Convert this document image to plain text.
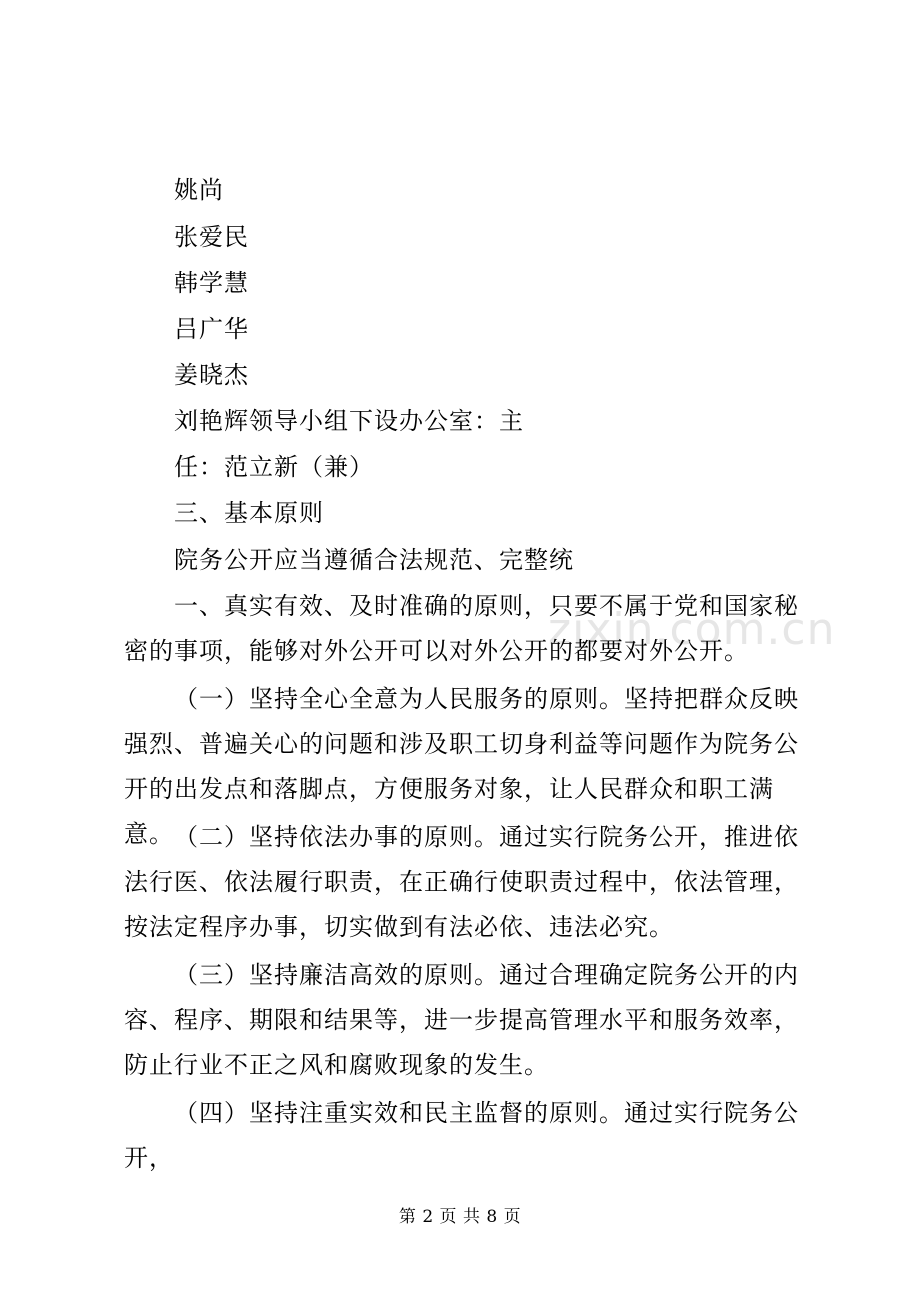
zixin.com.cn
姚尚
张爱民
韩学慧
吕广华
姜晓杰
刘艳辉领导小组下设办公室：主
任：范立新（兼）
三、基本原则
院务公开应当遵循合法规范、完整统
一、真实有效、及时准确的原则，只要不属于党和国家秘密的事项，能够对外公开可以对外公开的都要对外公开。
（一）坚持全心全意为人民服务的原则。坚持把群众反映强烈、普遍关心的问题和涉及职工切身利益等问题作为院务公开的出发点和落脚点，方便服务对象，让人民群众和职工满意。 （二）坚持依法办事的原则。通过实行院务公开，推进依法行医、依法履行职责，在正确行使职责过程中，依法管理，按法定程序办事，切实做到有法必依、违法必究。
（三）坚持廉洁高效的原则。通过合理确定院务公开的内容、程序、期限和结果等，进一步提高管理水平和服务效率，防止行业不正之风和腐败现象的发生。
（四）坚持注重实效和民主监督的原则。通过实行院务公开，
第 2 页 共 8 页
